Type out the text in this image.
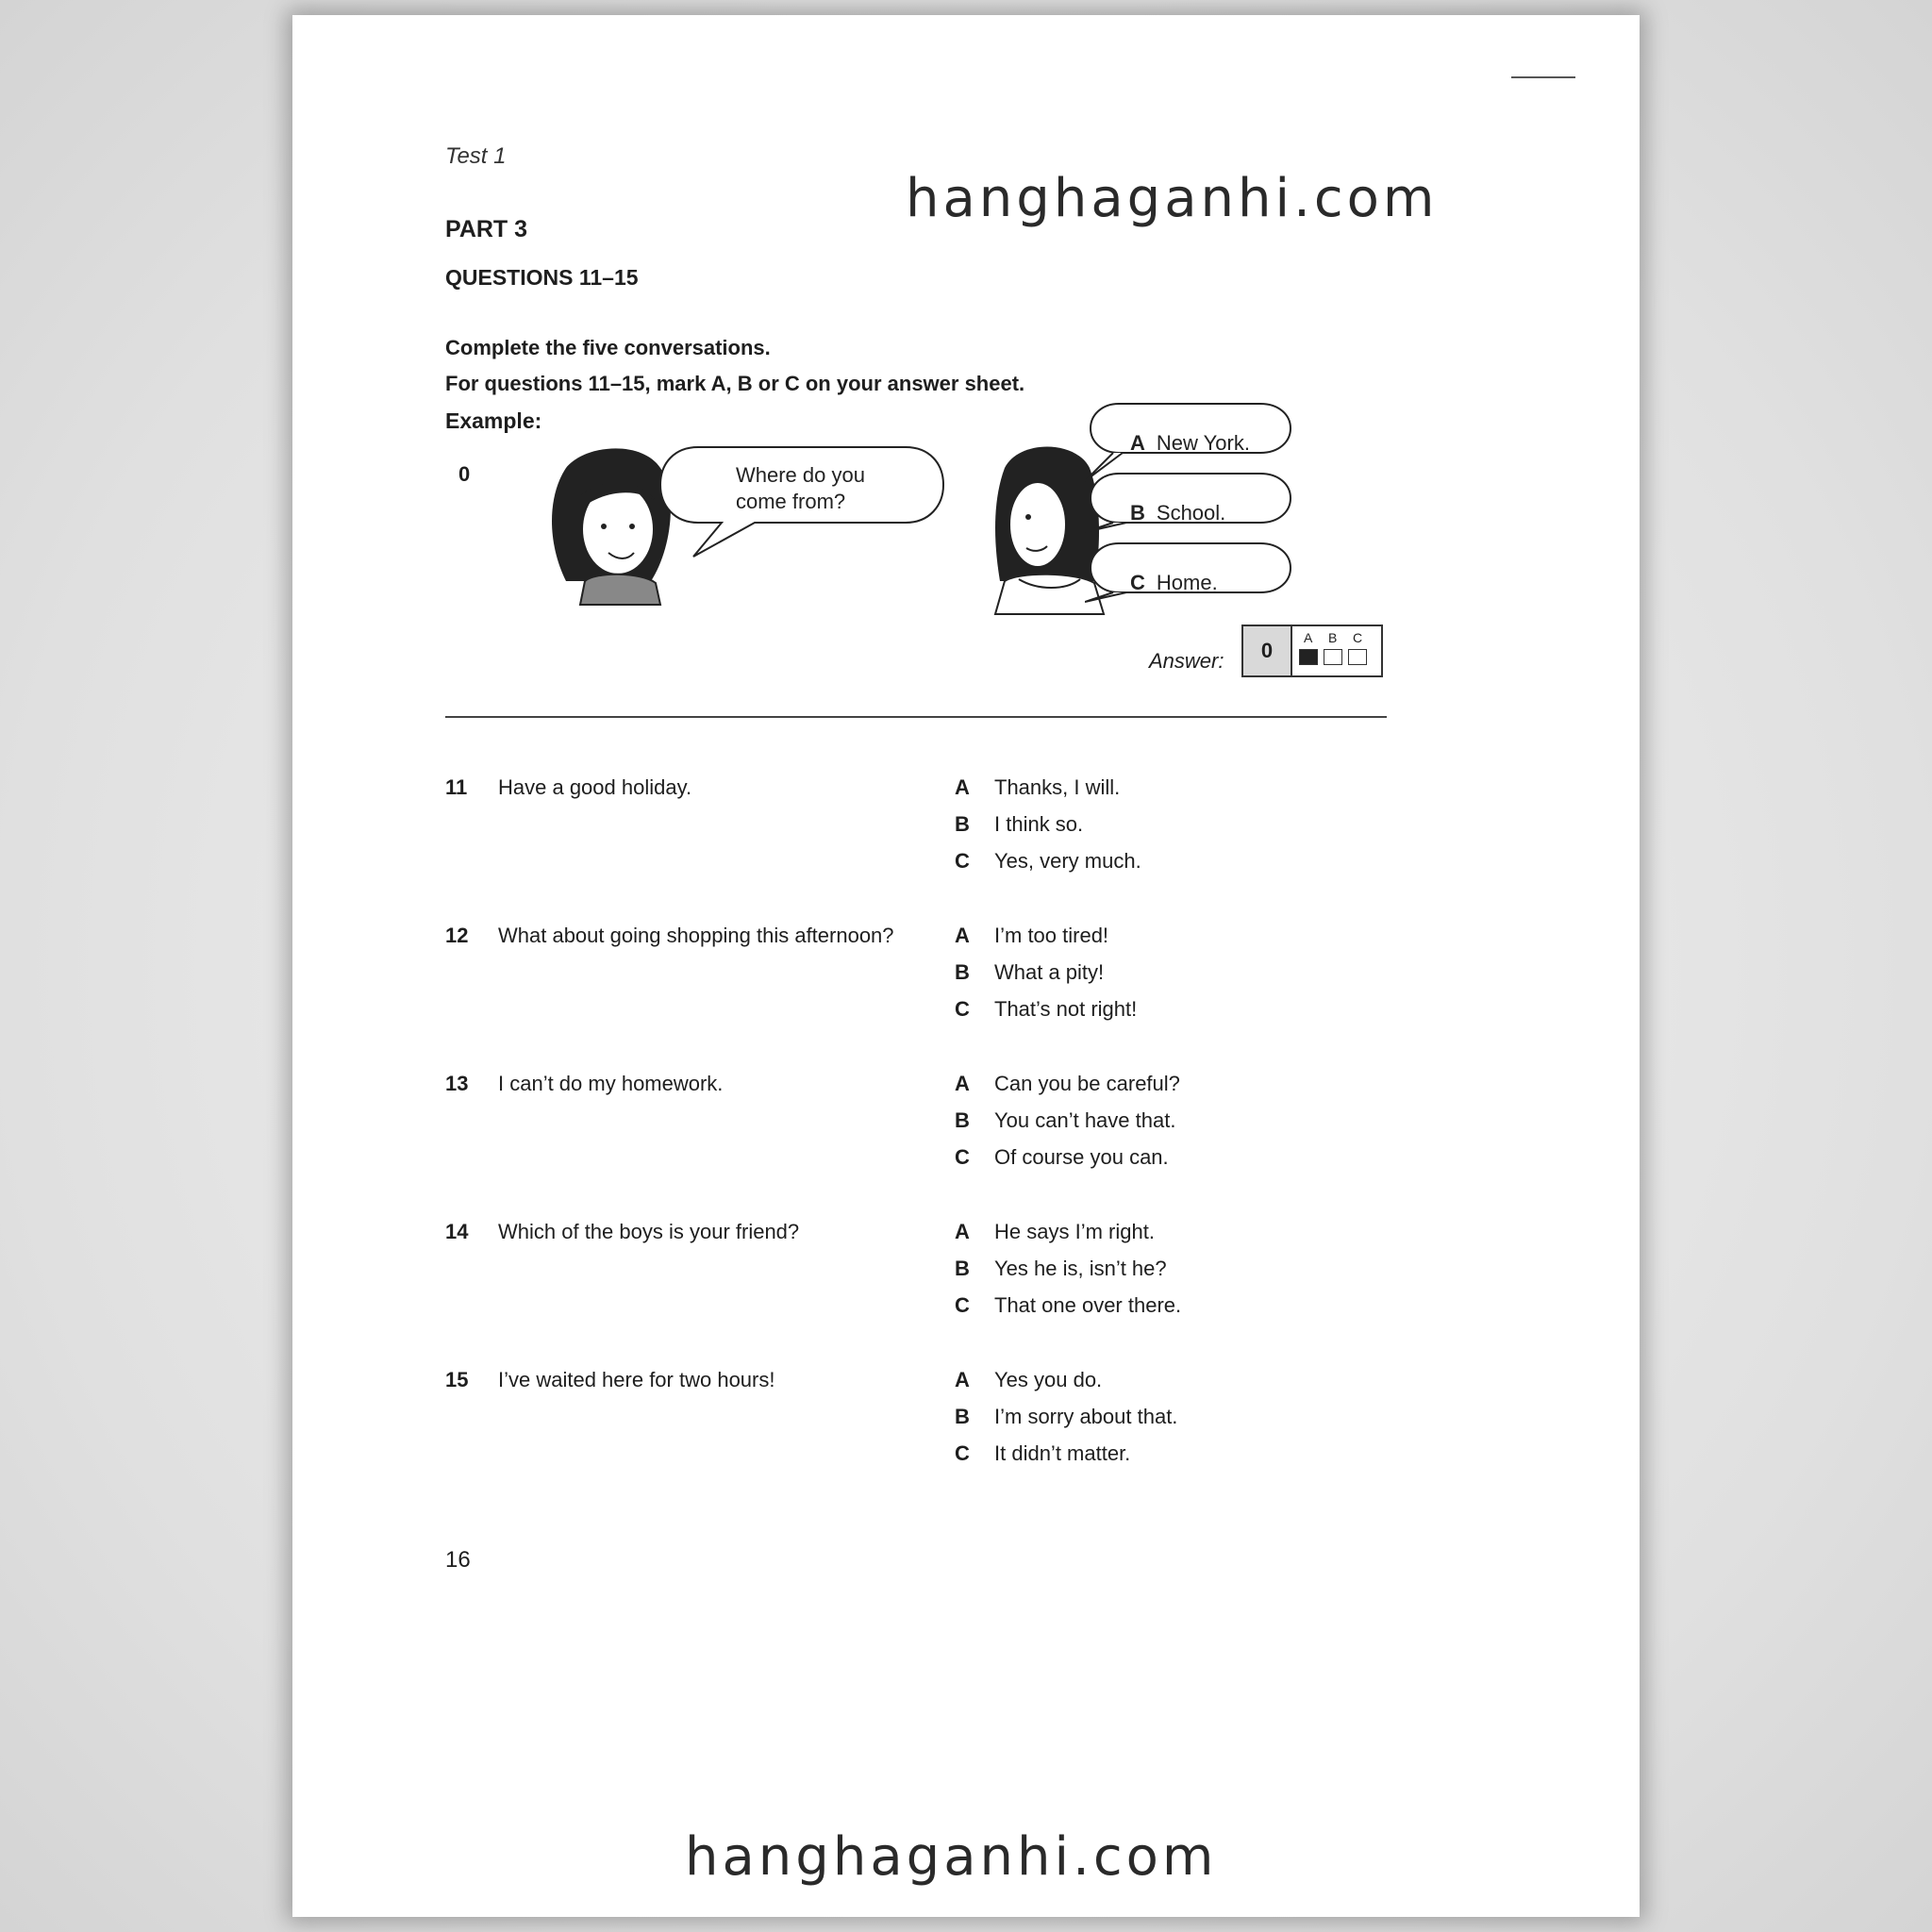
Test 1
PART 3
QUESTIONS 11–15
Complete the five conversations.
For questions 11–15, mark A, B or C on your answer sheet.
Example:
0	Where do you
come from?
A New York.
B School.
C Home.
Answer:	0
A B C
11 Have a good holiday.	A Thanks, I will.
B I think so.
C Yes, very much.
12 What about going shopping this afternoon?	A I’m too tired!
B What a pity!
C That’s not right!
13 I can’t do my homework.	A Can you be careful?
B You can’t have that.
C Of course you can.
14 Which of the boys is your friend?	A He says I’m right.
B Yes he is, isn’t he?
C That one over there.
15 I’ve waited here for two hours!	A Yes you do.
B I’m sorry about that.
C It didn’t matter.
16
hanghaganhi.com
hanghaganhi.com
